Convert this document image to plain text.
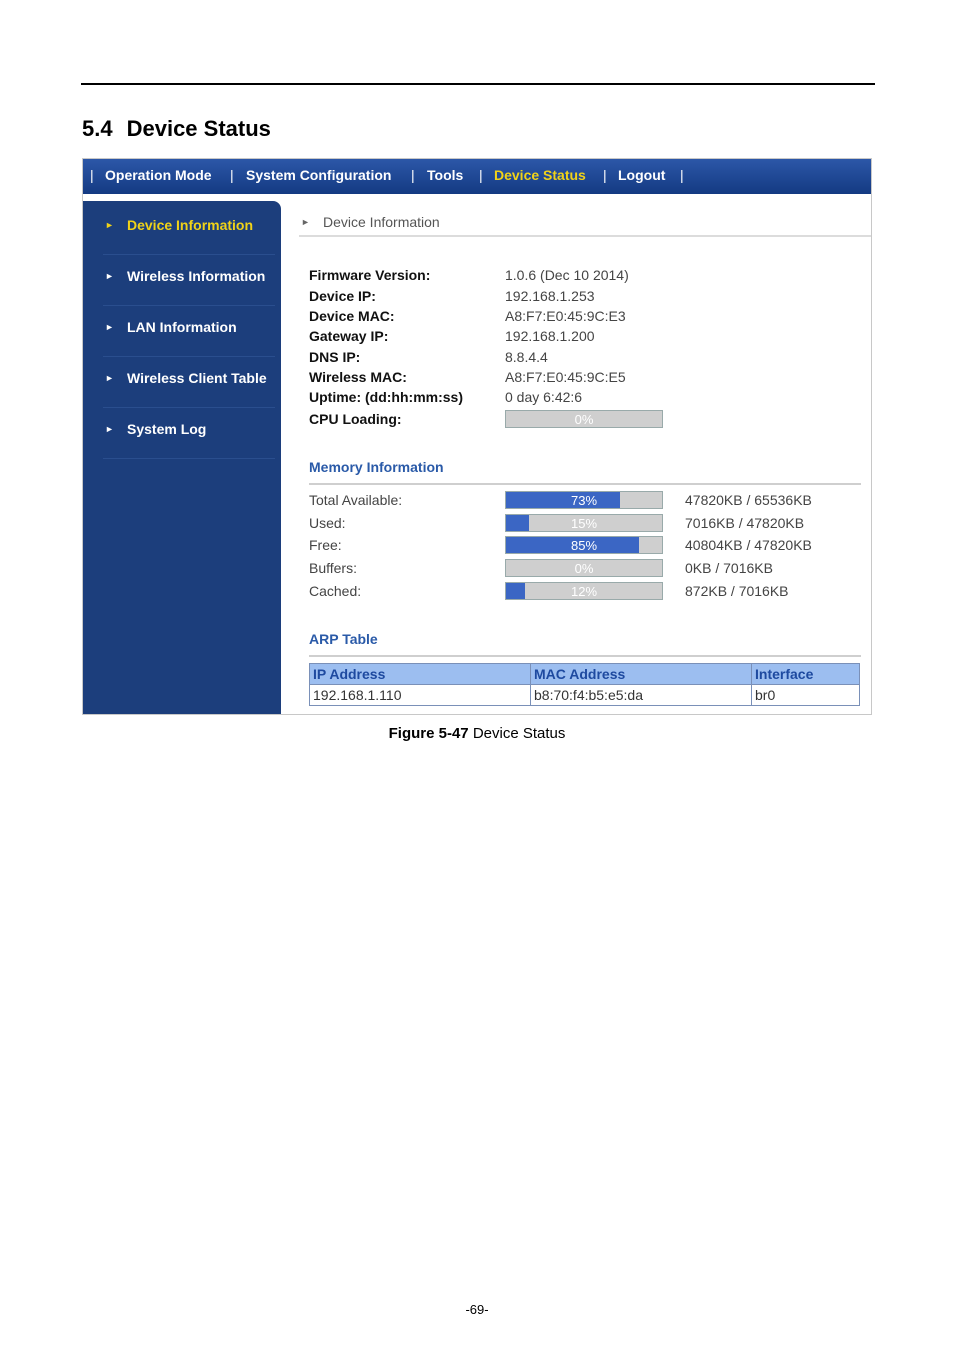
5.4 Device Status
| Operation Mode | System Configuration | Tools | Device Status | Logout |
► Device Information
► Wireless Information
► LAN Information
► Wireless Client Table
► System Log
► Device Information
Firmware Version:	1.0.6 (Dec 10 2014)
Device IP:	192.168.1.253
Device MAC:	A8:F7:E0:45:9C:E3
Gateway IP:	192.168.1.200
DNS IP:	8.8.4.4
Wireless MAC:	A8:F7:E0:45:9C:E5
Uptime: (dd:hh:mm:ss)	0 day 6:42:6
CPU Loading:	0%
Memory Information
Total Available:	73%	47820KB / 65536KB
Used:	15%	7016KB / 47820KB
Free:	85%	40804KB / 47820KB
Buffers:	0%	0KB / 7016KB
Cached:	12%	872KB / 7016KB
ARP Table
IP Address	MAC Address	Interface
192.168.1.110	b8:70:f4:b5:e5:da	br0
Figure 5-47 Device Status
-69-
